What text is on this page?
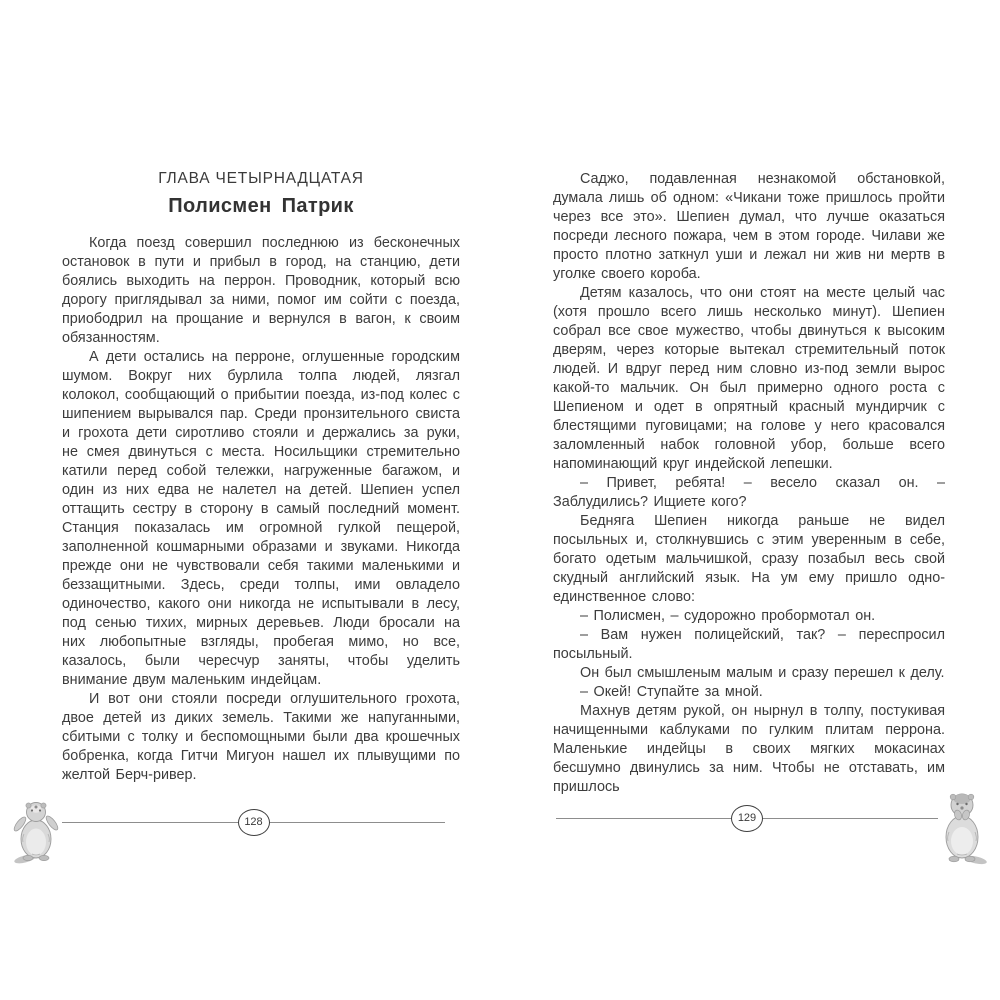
ГЛАВА ЧЕТЫРНАДЦАТАЯ
Полисмен Патрик

Когда поезд совершил последнюю из бесконечных остановок в пути и прибыл в город, на станцию, дети боялись выходить на перрон. Проводник, который всю дорогу приглядывал за ними, помог им сойти с поезда, приободрил на прощание и вернулся в вагон, к своим обязанностям.

А дети остались на перроне, оглушенные городским шумом. Вокруг них бурлила толпа людей, лязгал колокол, сообщающий о прибытии поезда, из-под колес с шипением вырывался пар. Среди пронзительного свиста и грохота дети сиротливо стояли и держались за руки, не смея двинуться с места. Носильщики стремительно катили перед собой тележки, нагруженные багажом, и один из них едва не налетел на детей. Шепиен успел оттащить сестру в сторону в самый последний момент. Станция показалась им огромной гулкой пещерой, заполненной кошмарными образами и звуками. Никогда прежде они не чувствовали себя такими маленькими и беззащитными. Здесь, среди толпы, ими овладело одиночество, какого они никогда не испытывали в лесу, под сенью тихих, мирных деревьев. Люди бросали на них любопытные взгляды, пробегая мимо, но все, казалось, были чересчур заняты, чтобы уделить внимание двум маленьким индейцам.

И вот они стояли посреди оглушительного грохота, двое детей из диких земель. Такими же напуганными, сбитыми с толку и беспомощными были два крошечных бобренка, когда Гитчи Мигуон нашел их плывущими по желтой Берч-ривер.

Саджо, подавленная незнакомой обстановкой, думала лишь об одном: «Чикани тоже пришлось пройти через все это». Шепиен думал, что лучше оказаться посреди лесного пожара, чем в этом городе. Чилави же просто плотно заткнул уши и лежал ни жив ни мертв в уголке своего короба.

Детям казалось, что они стоят на месте целый час (хотя прошло всего лишь несколько минут). Шепиен собрал все свое мужество, чтобы двинуться к высоким дверям, через которые вытекал стремительный поток людей. И вдруг перед ним словно из-под земли вырос какой-то мальчик. Он был примерно одного роста с Шепиеном и одет в опрятный красный мундирчик с блестящими пуговицами; на голове у него красовался заломленный набок головной убор, больше всего напоминающий круг индейской лепешки.

– Привет, ребята! – весело сказал он. – Заблудились? Ищиете кого?

Бедняга Шепиен никогда раньше не видел посыльных и, столкнувшись с этим уверенным в себе, богато одетым мальчишкой, сразу позабыл весь свой скудный английский язык. На ум ему пришло одно-единственное слово:

– Полисмен, – судорожно пробормотал он.

– Вам нужен полицейский, так? – переспросил посыльный.

Он был смышленым малым и сразу перешел к делу.

– Окей! Ступайте за мной.

Махнув детям рукой, он нырнул в толпу, постукивая начищенными каблуками по гулким плитам перрона. Маленькие индейцы в своих мягких мокасинах бесшумно двинулись за ним. Чтобы не отставать, им пришлось

128	129
